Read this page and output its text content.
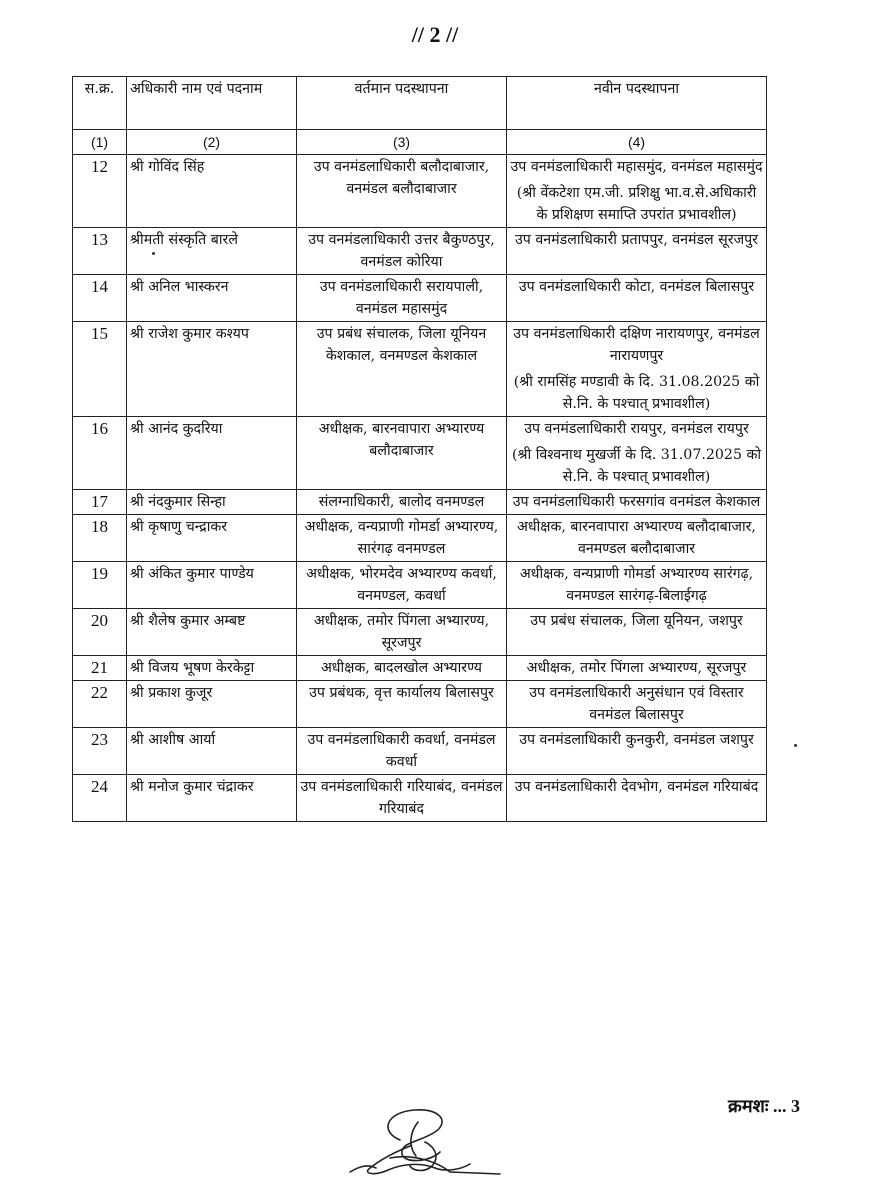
// 2 //
स.क्र.	अधिकारी नाम एवं पदनाम	वर्तमान पदस्थापना	नवीन पदस्थापना
(1)	(2)	(3)	(4)
12	श्री गोविंद सिंह	उप वनमंडलाधिकारी बलौदाबाजार, वनमंडल बलौदाबाजार	उप वनमंडलाधिकारी महासमुंद, वनमंडल महासमुंद
(श्री वेंकटेशा एम.जी. प्रशिक्षु भा.व.से.अधिकारी के प्रशिक्षण समाप्ति उपरांत प्रभावशील)

13	श्रीमती संस्कृति बारले	उप वनमंडलाधिकारी उत्तर बैकुण्ठपुर, वनमंडल कोरिया	उप वनमंडलाधिकारी प्रतापपुर, वनमंडल सूरजपुर

14	श्री अनिल भास्करन	उप वनमंडलाधिकारी सरायपाली, वनमंडल महासमुंद	उप वनमंडलाधिकारी कोटा, वनमंडल बिलासपुर

15	श्री राजेश कुमार कश्यप	उप प्रबंध संचालक, जिला यूनियन केशकाल, वनमण्डल केशकाल	उप वनमंडलाधिकारी दक्षिण नारायणपुर, वनमंडल नारायणपुर
(श्री रामसिंह मण्डावी के दि. 31.08.2025 को से.नि. के पश्चात् प्रभावशील)

16	श्री आनंद कुदरिया	अधीक्षक, बारनवापारा अभ्यारण्य बलौदाबाजार	उप वनमंडलाधिकारी रायपुर, वनमंडल रायपुर
(श्री विश्वनाथ मुखर्जी के दि. 31.07.2025 को से.नि. के पश्चात् प्रभावशील)

17	श्री नंदकुमार सिन्हा	संलग्नाधिकारी, बालोद वनमण्डल	उप वनमंडलाधिकारी फरसगांव वनमंडल केशकाल

18	श्री कृषाणु चन्द्राकर	अधीक्षक, वन्यप्राणी गोमर्डा अभ्यारण्य, सारंगढ़ वनमण्डल	अधीक्षक, बारनवापारा अभ्यारण्य बलौदाबाजार, वनमण्डल बलौदाबाजार

19	श्री अंकित कुमार पाण्डेय	अधीक्षक, भोरमदेव अभ्यारण्य कवर्धा, वनमण्डल, कवर्धा	अधीक्षक, वन्यप्राणी गोमर्डा अभ्यारण्य सारंगढ़, वनमण्डल सारंगढ़-बिलाईगढ़

20	श्री शैलेष कुमार अम्बष्ट	अधीक्षक, तमोर पिंगला अभ्यारण्य, सूरजपुर	उप प्रबंध संचालक, जिला यूनियन, जशपुर

21	श्री विजय भूषण केरकेट्टा	अधीक्षक, बादलखोल अभ्यारण्य	अधीक्षक, तमोर पिंगला अभ्यारण्य, सूरजपुर

22	श्री प्रकाश कुजूर	उप प्रबंधक, वृत्त कार्यालय बिलासपुर	उप वनमंडलाधिकारी अनुसंधान एवं विस्तार वनमंडल बिलासपुर

23	श्री आशीष आर्या	उप वनमंडलाधिकारी कवर्धा, वनमंडल कवर्धा	उप वनमंडलाधिकारी कुनकुरी, वनमंडल जशपुर

24	श्री मनोज कुमार चंद्राकर	उप वनमंडलाधिकारी गरियाबंद, वनमंडल गरियाबंद	उप वनमंडलाधिकारी देवभोग, वनमंडल गरियाबंद
क्रमशः ... 3
